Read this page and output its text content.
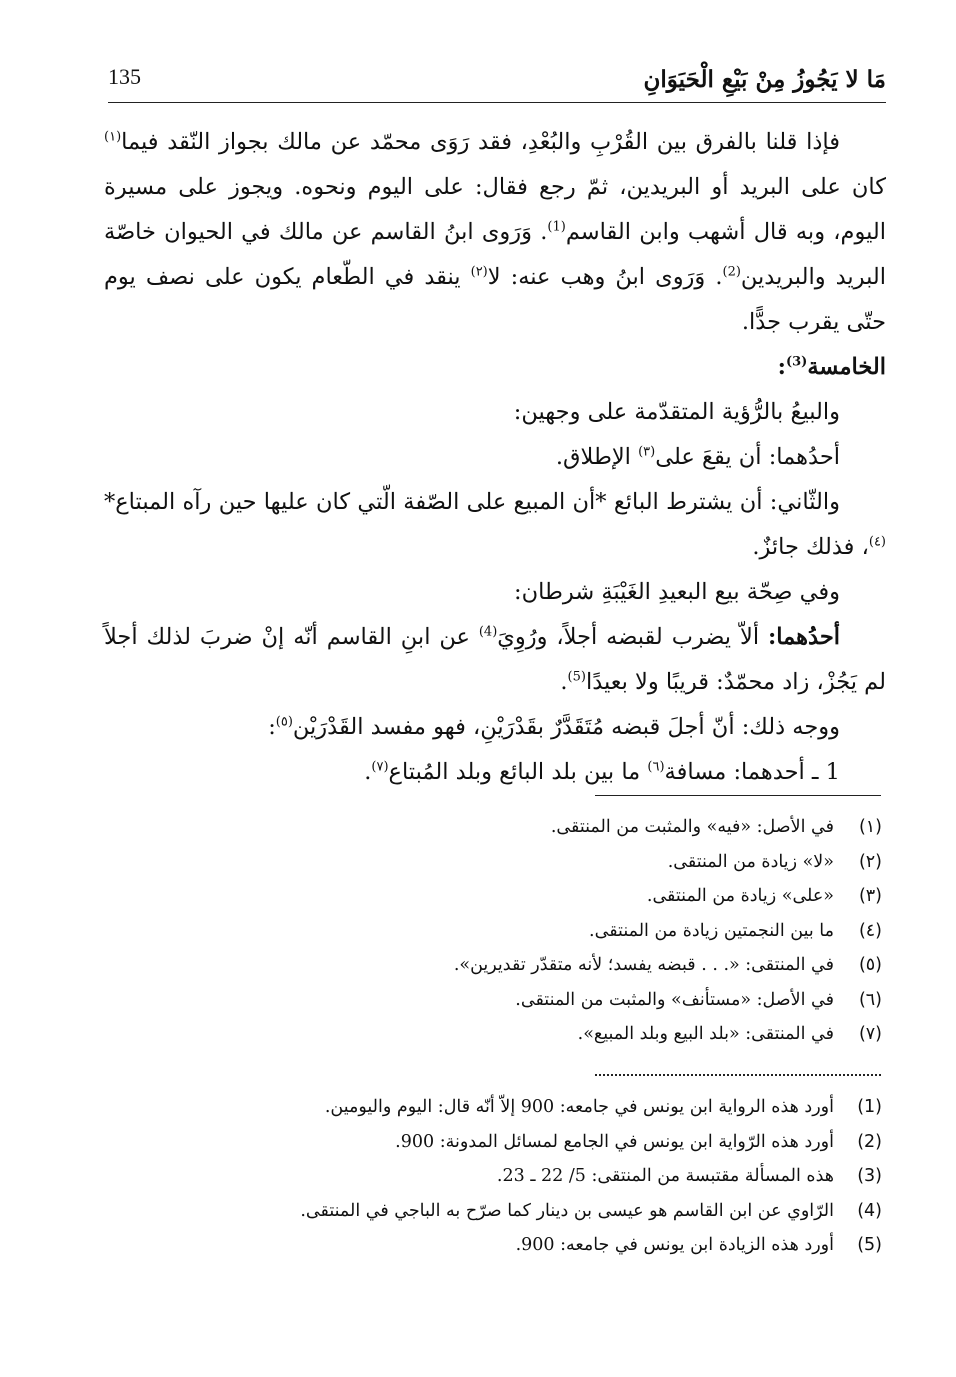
مَا لا يَجُوزُ مِنْ بَيْعِ الْحَيَوَانِ
135

فإذا قلنا بالفرق بين القُرْبِ والبُعْدِ، فقد رَوَى محمّد عن مالك بجواز النّقد فيما$^{(١)}$ كان على البريد أو البريدين، ثمّ رجع فقال: على اليوم ونحوه. ويجوز على مسيرة اليوم، وبه قال أشهب وابن القاسم$^{(1)}$. وَرَوى ابنُ القاسم عن مالك في الحيوان خاصّة البريد والبريدين$^{(2)}$. وَرَوى ابنُ وهب عنه: لا$^{(٢)}$ ينقد في الطّعام يكون على نصف يوم حتّى يقرب جدًّا.

الخامسة$^{(3)}$:

والبيعُ بالرُّؤية المتقدّمة على وجهين:

أحدُهما: أن يقعَ على$^{(٣)}$ الإطلاق.

والثّاني: أن يشترط البائع *أن المبيع على الصّفة الّتي كان عليها حين رآه المبتاع*$^{(٤)}$، فذلك جائزٌ.

وفي صِحّة بيع البعيدِ الغَيْبَةِ شرطان:

أحدُهما: ألاّ يضرب لقبضه أجلاً، ورُوِيَ$^{(4)}$ عن ابنِ القاسم أنّه إنْ ضربَ لذلك أجلاً لم يَجُزْ، زاد محمّدٌ: قريبًا ولا بعيدًا$^{(5)}$.

ووجه ذلك: أنّ أجلَ قبضه مُتَقَدَّرٌ بقَدْرَيْنِ، فهو مفسد القَدْرَيْن$^{(٥)}$:

1 ـ أحدهما: مسافة$^{(٦)}$ ما بين بلد البائع وبلد المُبتاع$^{(٧)}$.

(١)
في الأصل: «فيه» والمثبت من المنتقى.
(٢)
«لا» زيادة من المنتقى.
(٣)
«على» زيادة من المنتقى.
(٤)
ما بين النجمتين زيادة من المنتقى.
(٥)
في المنتقى: «. . . قبضه يفسد؛ لأنه متقدّر تقديرين».
(٦)
في الأصل: «مستأنف» والمثبت من المنتقى.
(٧)
في المنتقى: «بلد البيع وبلد المبيع».
(1)
أورد هذه الرواية ابن يونس في جامعه: 900 إلاّ أنّه قال: اليوم واليومين.
(2)
أورد هذه الرّواية ابن يونس في الجامع لمسائل المدونة: 900.
(3)
هذه المسألة مقتبسة من المنتقى: 5/ 22 ـ 23.
(4)
الرّاوي عن ابن القاسم هو عيسى بن دينار كما صرّح به الباجي في المنتقى.
(5)
أورد هذه الزيادة ابن يونس في جامعه: 900.
